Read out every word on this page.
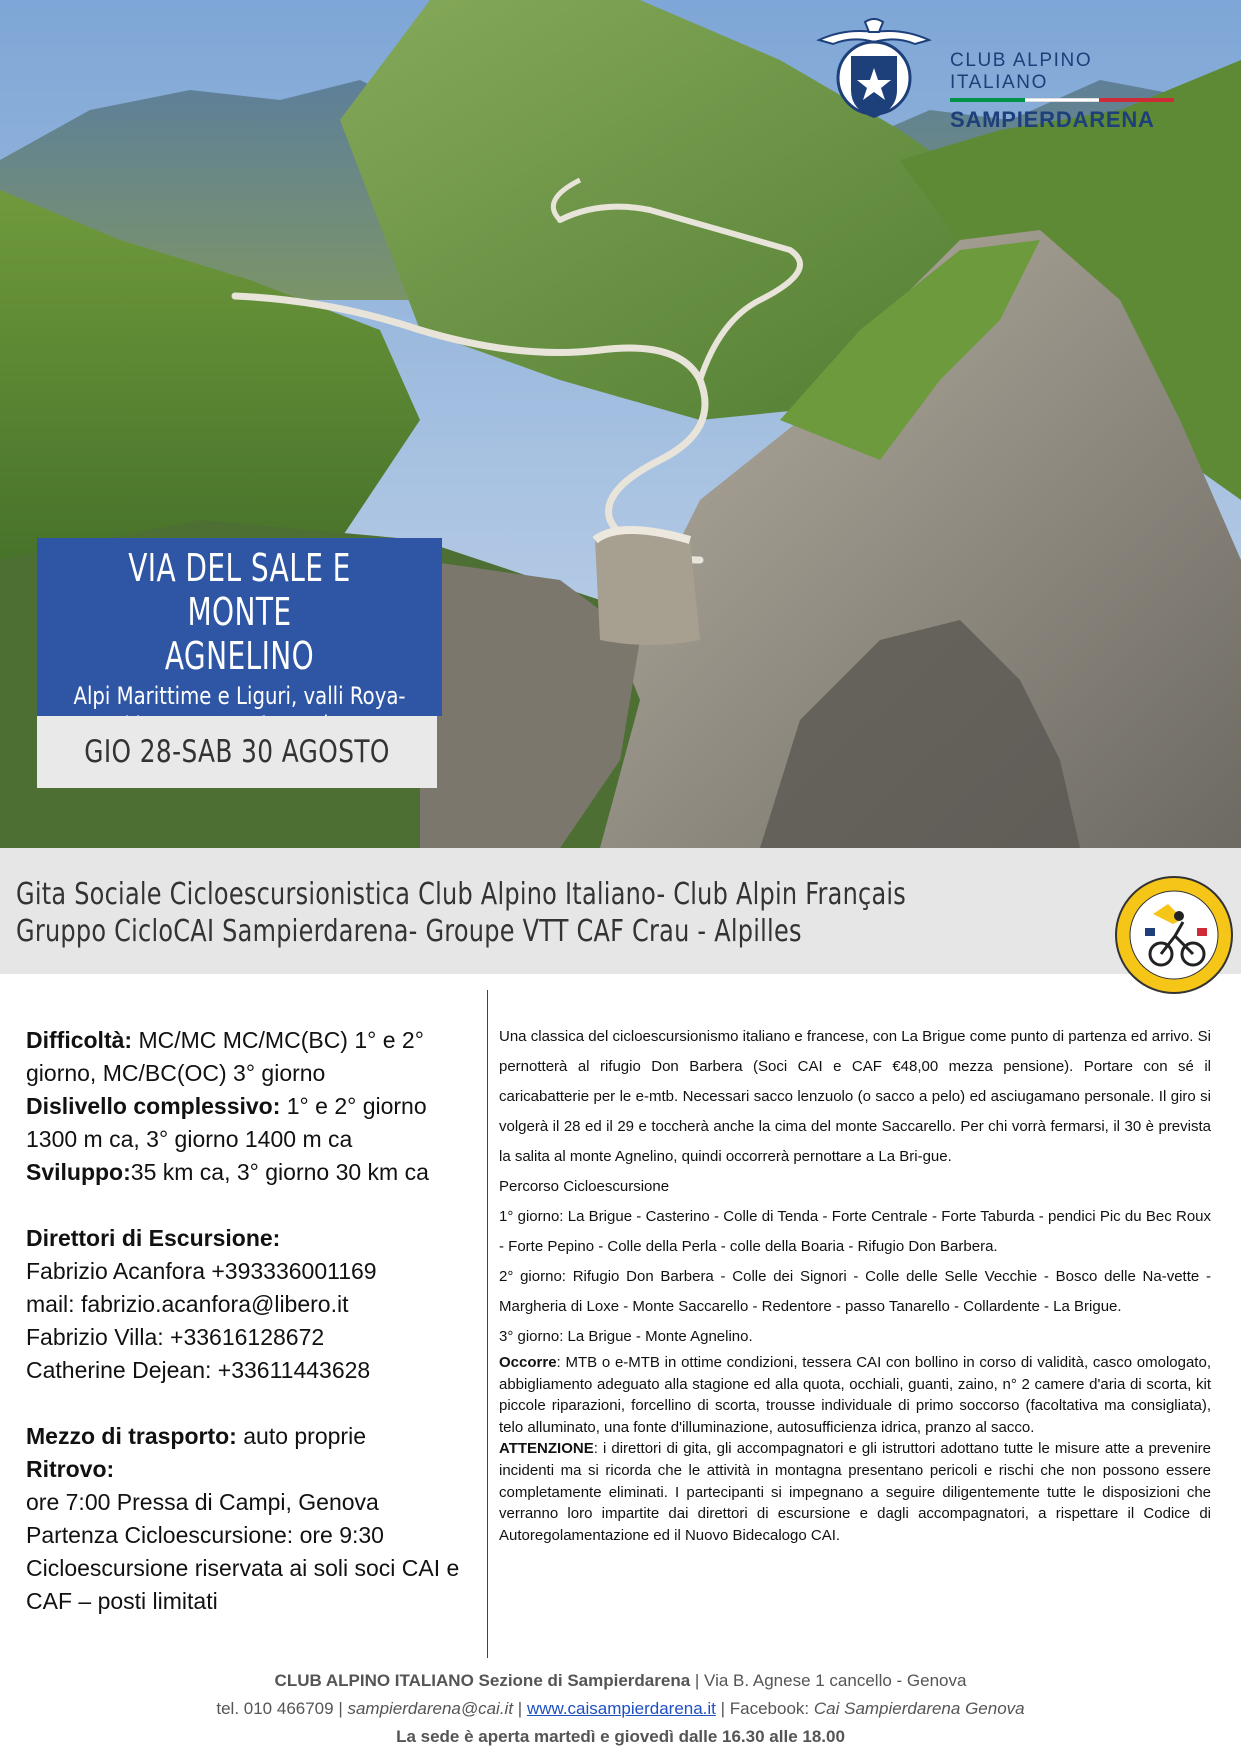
CLUB ALPINO ITALIANO
SAMPIERDARENA
VIA DEL SALE E MONTE
AGNELINO
Alpi Marittime e Liguri, valli Roya-
GIO 28-SAB 30 AGOSTO
Gita Sociale Cicloescursionistica Club Alpino Italiano- Club Alpin Français
Gruppo CicloCAI Sampierdarena- Groupe VTT CAF Crau - Alpilles
Difficoltà: MC/MC MC/MC(BC) 1° e 2° giorno, MC/BC(OC) 3° giorno
Dislivello complessivo: 1° e 2° giorno 1300 m ca, 3° giorno 1400 m ca
Sviluppo:35 km ca, 3° giorno 30 km ca
Direttori di Escursione:
Fabrizio Acanfora +393336001169
mail: fabrizio.acanfora@libero.it
Fabrizio Villa: +33616128672
Catherine Dejean: +33611443628
Mezzo di trasporto: auto proprie
Ritrovo:
ore 7:00 Pressa di Campi, Genova
Partenza Cicloescursione: ore 9:30
Cicloescursione riservata ai soli soci CAI e CAF – posti limitati

Una classica del cicloescursionismo italiano e francese, con La Brigue come punto di partenza ed arrivo. Si pernotterà al rifugio Don Barbera (Soci CAI e CAF €48,00 mezza pensione). Portare con sé il caricabatterie per le e-mtb. Necessari sacco lenzuolo (o sacco a pelo) ed asciugamano personale. Il giro si volgerà il 28 ed il 29 e toccherà anche la cima del monte Saccarello. Per chi vorrà fermarsi, il 30 è prevista la salita al monte Agnelino, quindi occorrerà pernottare a La Bri-gue.

Percorso Cicloescursione

1° giorno: La Brigue - Casterino - Colle di Tenda - Forte Centrale - Forte Taburda - pendici Pic du Bec Roux - Forte Pepino - Colle della Perla - colle della Boaria - Rifugio Don Barbera.

2° giorno: Rifugio Don Barbera - Colle dei Signori - Colle delle Selle Vecchie - Bosco delle Na-vette - Margheria di Loxe - Monte Saccarello - Redentore - passo Tanarello - Collardente - La Brigue.

3° giorno: La Brigue - Monte Agnelino.

Occorre: MTB o e-MTB in ottime condizioni, tessera CAI con bollino in corso di validità, casco omologato, abbigliamento adeguato alla stagione ed alla quota, occhiali, guanti, zaino, n° 2 camere d'aria di scorta, kit piccole riparazioni, forcellino di scorta, trousse individuale di primo soccorso (facoltativa ma consigliata), telo alluminato, una fonte d'illuminazione, autosufficienza idrica, pranzo al sacco.

ATTENZIONE: i direttori di gita, gli accompagnatori e gli istruttori adottano tutte le misure atte a prevenire incidenti ma si ricorda che le attività in montagna presentano pericoli e rischi che non possono essere completamente eliminati. I partecipanti si impegnano a seguire diligentemente tutte le disposizioni che verranno loro impartite dai direttori di escursione e dagli accompagnatori, a rispettare il Codice di Autoregolamentazione ed il Nuovo Bidecalogo CAI.

CLUB ALPINO ITALIANO Sezione di Sampierdarena | Via B. Agnese 1 cancello - Genova
tel. 010 466709 | sampierdarena@cai.it | www.caisampierdarena.it | Facebook: Cai Sampierdarena Genova
La sede è aperta martedì e giovedì dalle 16.30 alle 18.00
